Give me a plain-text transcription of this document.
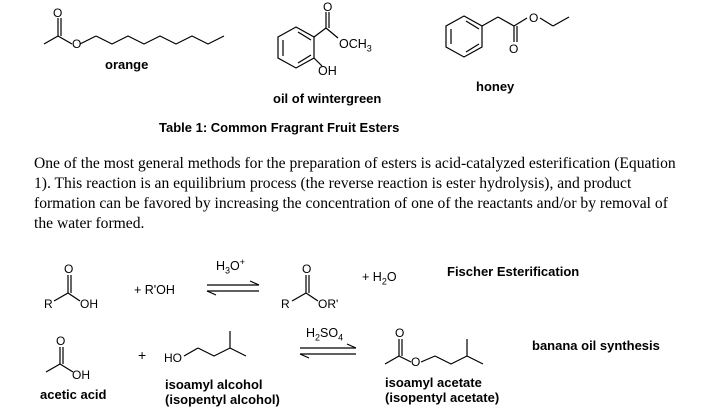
O
O
O
O
O
O	O
O
O
$OCH_3$
OH
orange
oil of wintergreen
honey
Table 1: Common Fragrant Fruit Esters

One of the most general methods for the preparation of esters is acid-catalyzed esterification (Equation 1). This reaction is an equilibrium process (the reverse reaction is ester hydrolysis), and product formation can be favored by increasing the concentration of one of the reactants and/or by removal of the water formed.

R OH
+ R'OH
$H_3O^+$
R OR'
+ $H_2O$	Fischer Esterification
OH
acetic acid
+ HO
isoamyl alcohol
(isopentyl alcohol)
$H_2SO_4$
O
isoamyl acetate
(isopentyl acetate)
banana oil synthesis
